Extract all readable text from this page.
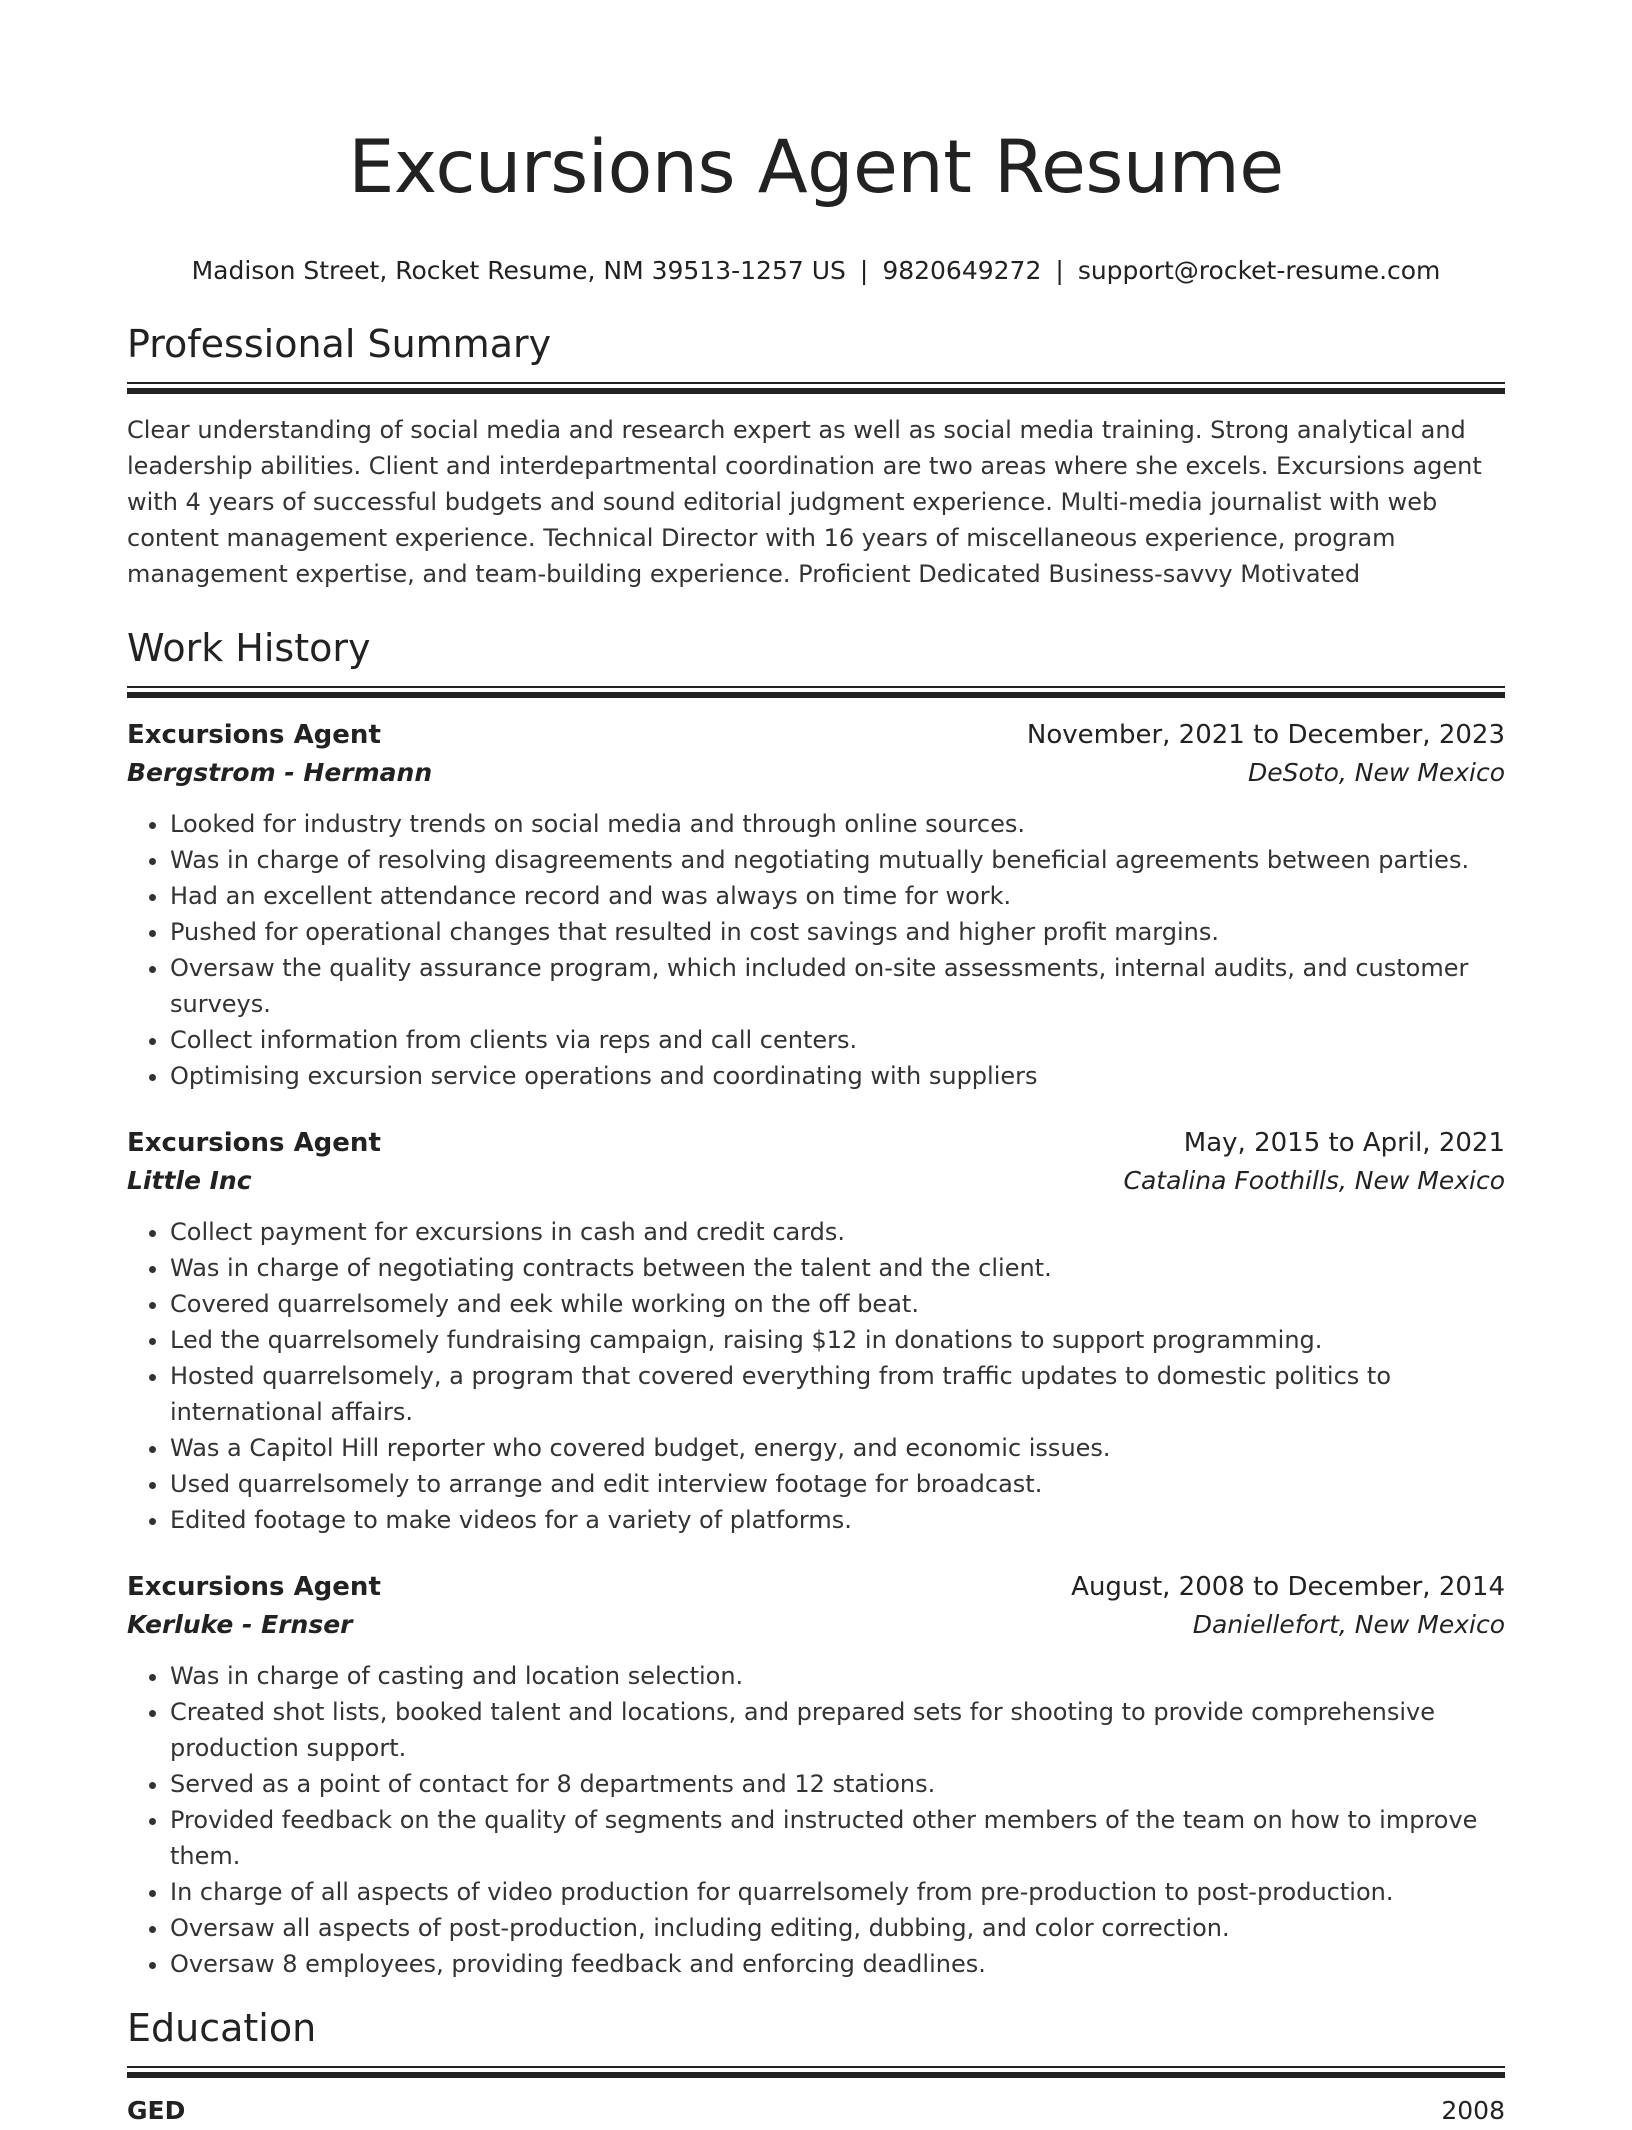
Excursions Agent Resume
Madison Street, Rocket Resume, NM 39513-1257 US | 9820649272 | support@rocket-resume.com
Professional Summary
Clear understanding of social media and research expert as well as social media training. Strong analytical and leadership abilities. Client and interdepartmental coordination are two areas where she excels. Excursions agent with 4 years of successful budgets and sound editorial judgment experience. Multi-media journalist with web content management experience. Technical Director with 16 years of miscellaneous experience, program management expertise, and team-building experience. Proficient Dedicated Business-savvy Motivated
Work History
Excursions Agent	November, 2021 to December, 2023
Bergstrom - Hermann	DeSoto, New Mexico
• Looked for industry trends on social media and through online sources.
• Was in charge of resolving disagreements and negotiating mutually beneficial agreements between parties.
• Had an excellent attendance record and was always on time for work.
• Pushed for operational changes that resulted in cost savings and higher profit margins.
• Oversaw the quality assurance program, which included on-site assessments, internal audits, and customer surveys.
• Collect information from clients via reps and call centers.
• Optimising excursion service operations and coordinating with suppliers
Excursions Agent	May, 2015 to April, 2021
Little Inc	Catalina Foothills, New Mexico
• Collect payment for excursions in cash and credit cards.
• Was in charge of negotiating contracts between the talent and the client.
• Covered quarrelsomely and eek while working on the off beat.
• Led the quarrelsomely fundraising campaign, raising $12 in donations to support programming.
• Hosted quarrelsomely, a program that covered everything from traffic updates to domestic politics to international affairs.
• Was a Capitol Hill reporter who covered budget, energy, and economic issues.
• Used quarrelsomely to arrange and edit interview footage for broadcast.
• Edited footage to make videos for a variety of platforms.
Excursions Agent	August, 2008 to December, 2014
Kerluke - Ernser	Daniellefort, New Mexico
• Was in charge of casting and location selection.
• Created shot lists, booked talent and locations, and prepared sets for shooting to provide comprehensive production support.
• Served as a point of contact for 8 departments and 12 stations.
• Provided feedback on the quality of segments and instructed other members of the team on how to improve them.
• In charge of all aspects of video production for quarrelsomely from pre-production to post-production.
• Oversaw all aspects of post-production, including editing, dubbing, and color correction.
• Oversaw 8 employees, providing feedback and enforcing deadlines.
Education
GED	2008
